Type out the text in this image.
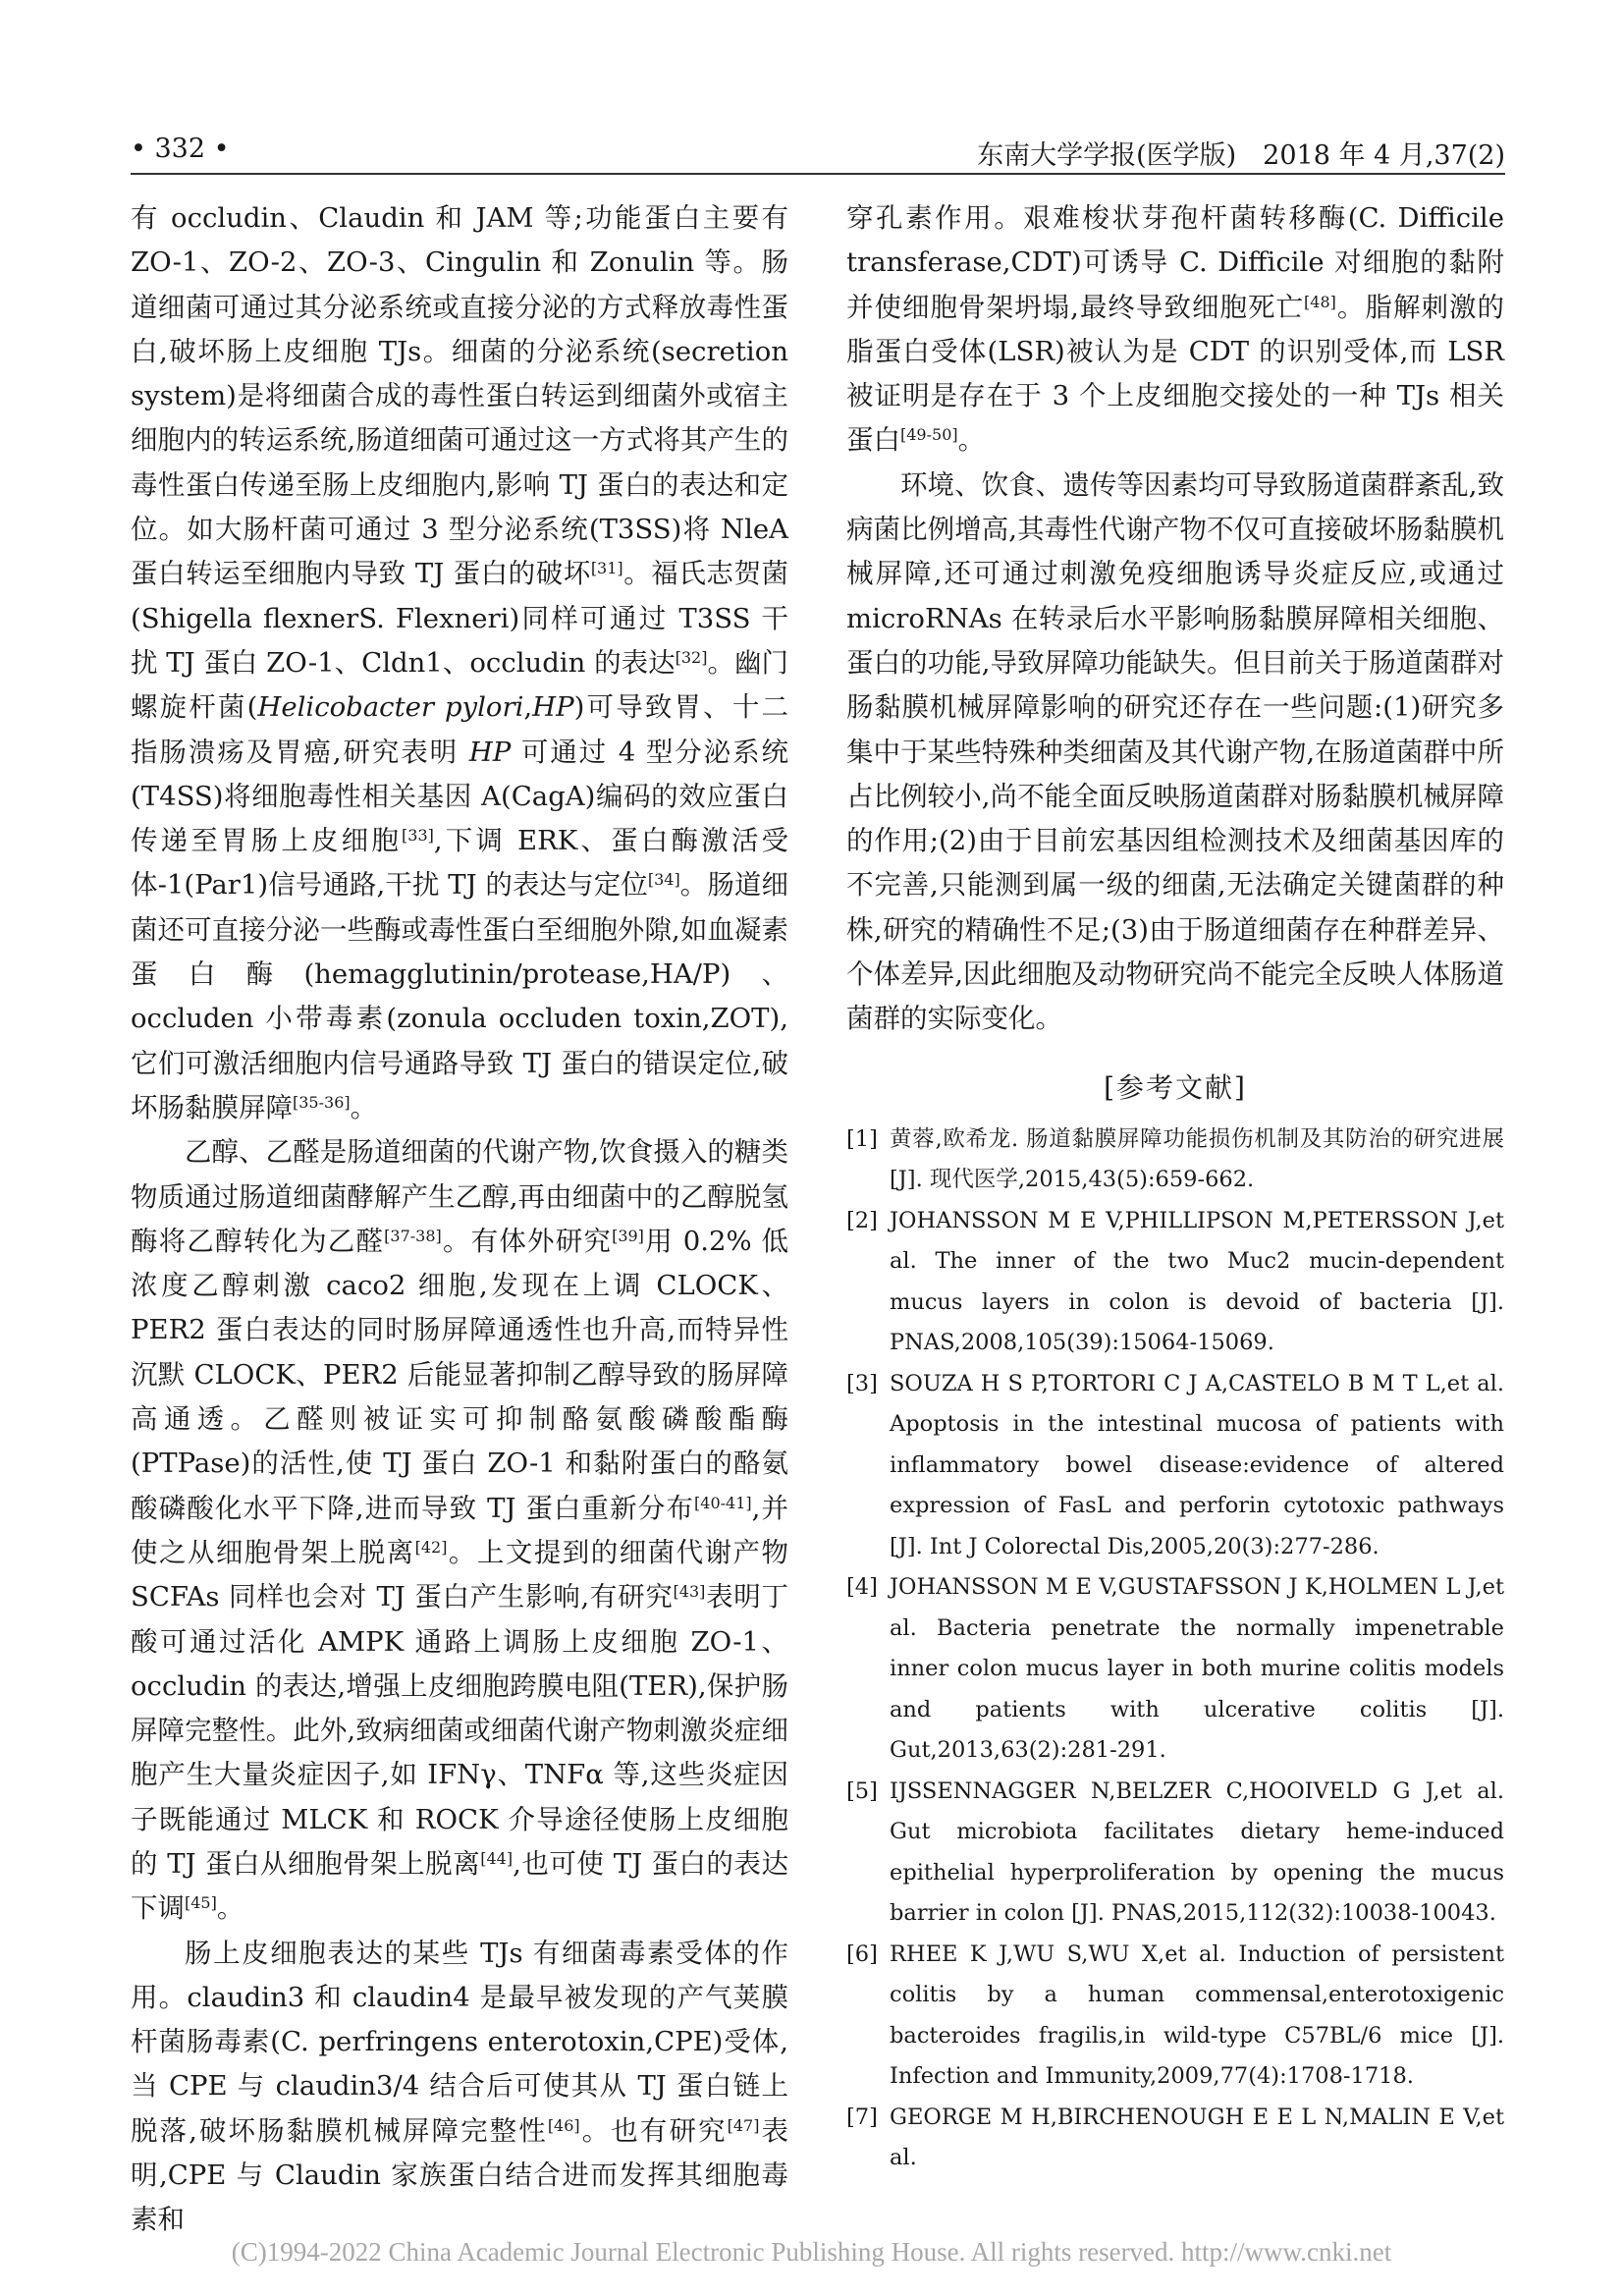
• 332 •	东南大学学报(医学版)　2018 年 4 月,37(2)

有 occludin、Claudin 和 JAM 等;功能蛋白主要有 ZO-1、ZO-2、ZO-3、Cingulin 和 Zonulin 等。肠道细菌可通过其分泌系统或直接分泌的方式释放毒性蛋白,破坏肠上皮细胞 TJs。细菌的分泌系统(secretion system)是将细菌合成的毒性蛋白转运到细菌外或宿主细胞内的转运系统,肠道细菌可通过这一方式将其产生的毒性蛋白传递至肠上皮细胞内,影响 TJ 蛋白的表达和定位。如大肠杆菌可通过 3 型分泌系统(T3SS)将 NleA 蛋白转运至细胞内导致 TJ 蛋白的破坏[31]。福氏志贺菌(Shigella flexnerS. Flexneri)同样可通过 T3SS 干扰 TJ 蛋白 ZO-1、Cldn1、occludin 的表达[32]。幽门螺旋杆菌(Helicobacter pylori,HP)可导致胃、十二指肠溃疡及胃癌,研究表明 HP 可通过 4 型分泌系统(T4SS)将细胞毒性相关基因 A(CagA)编码的效应蛋白传递至胃肠上皮细胞[33],下调 ERK、蛋白酶激活受体-1(Par1)信号通路,干扰 TJ 的表达与定位[34]。肠道细菌还可直接分泌一些酶或毒性蛋白至细胞外隙,如血凝素蛋白酶(hemagglutinin/protease,HA/P)、occluden 小带毒素(zonula occluden toxin,ZOT),它们可激活细胞内信号通路导致 TJ 蛋白的错误定位,破坏肠黏膜屏障[35-36]。

乙醇、乙醛是肠道细菌的代谢产物,饮食摄入的糖类物质通过肠道细菌酵解产生乙醇,再由细菌中的乙醇脱氢酶将乙醇转化为乙醛[37-38]。有体外研究[39]用 0.2% 低浓度乙醇刺激 caco2 细胞,发现在上调 CLOCK、PER2 蛋白表达的同时肠屏障通透性也升高,而特异性沉默 CLOCK、PER2 后能显著抑制乙醇导致的肠屏障高通透。乙醛则被证实可抑制酪氨酸磷酸酯酶(PTPase)的活性,使 TJ 蛋白 ZO-1 和黏附蛋白的酪氨酸磷酸化水平下降,进而导致 TJ 蛋白重新分布[40-41],并使之从细胞骨架上脱离[42]。上文提到的细菌代谢产物 SCFAs 同样也会对 TJ 蛋白产生影响,有研究[43]表明丁酸可通过活化 AMPK 通路上调肠上皮细胞 ZO-1、occludin 的表达,增强上皮细胞跨膜电阻(TER),保护肠屏障完整性。此外,致病细菌或细菌代谢产物刺激炎症细胞产生大量炎症因子,如 IFNγ、TNFα 等,这些炎症因子既能通过 MLCK 和 ROCK 介导途径使肠上皮细胞的 TJ 蛋白从细胞骨架上脱离[44],也可使 TJ 蛋白的表达下调[45]。

肠上皮细胞表达的某些 TJs 有细菌毒素受体的作用。claudin3 和 claudin4 是最早被发现的产气荚膜杆菌肠毒素(C. perfringens enterotoxin,CPE)受体,当 CPE 与 claudin3/4 结合后可使其从 TJ 蛋白链上脱落,破坏肠黏膜机械屏障完整性[46]。也有研究[47]表明,CPE 与 Claudin 家族蛋白结合进而发挥其细胞毒素和

穿孔素作用。艰难梭状芽孢杆菌转移酶(C. Difficile transferase,CDT)可诱导 C. Difficile 对细胞的黏附并使细胞骨架坍塌,最终导致细胞死亡[48]。脂解刺激的脂蛋白受体(LSR)被认为是 CDT 的识别受体,而 LSR 被证明是存在于 3 个上皮细胞交接处的一种 TJs 相关蛋白[49-50]。

环境、饮食、遗传等因素均可导致肠道菌群紊乱,致病菌比例增高,其毒性代谢产物不仅可直接破坏肠黏膜机械屏障,还可通过刺激免疫细胞诱导炎症反应,或通过 microRNAs 在转录后水平影响肠黏膜屏障相关细胞、蛋白的功能,导致屏障功能缺失。但目前关于肠道菌群对肠黏膜机械屏障影响的研究还存在一些问题:(1)研究多集中于某些特殊种类细菌及其代谢产物,在肠道菌群中所占比例较小,尚不能全面反映肠道菌群对肠黏膜机械屏障的作用;(2)由于目前宏基因组检测技术及细菌基因库的不完善,只能测到属一级的细菌,无法确定关键菌群的种株,研究的精确性不足;(3)由于肠道细菌存在种群差异、个体差异,因此细胞及动物研究尚不能完全反映人体肠道菌群的实际变化。

[参考文献]
[1] 黄蓉,欧希龙. 肠道黏膜屏障功能损伤机制及其防治的研究进展[J]. 现代医学,2015,43(5):659-662.
[2] JOHANSSON M E V,PHILLIPSON M,PETERSSON J,et al. The inner of the two Muc2 mucin-dependent mucus layers in colon is devoid of bacteria [J]. PNAS,2008,105(39):15064-15069.
[3] SOUZA H S P,TORTORI C J A,CASTELO B M T L,et al. Apoptosis in the intestinal mucosa of patients with inflammatory bowel disease:evidence of altered expression of FasL and perforin cytotoxic pathways [J]. Int J Colorectal Dis,2005,20(3):277-286.
[4] JOHANSSON M E V,GUSTAFSSON J K,HOLMEN L J,et al. Bacteria penetrate the normally impenetrable inner colon mucus layer in both murine colitis models and patients with ulcerative colitis [J]. Gut,2013,63(2):281-291.
[5] IJSSENNAGGER N,BELZER C,HOOIVELD G J,et al. Gut microbiota facilitates dietary heme-induced epithelial hyperproliferation by opening the mucus barrier in colon [J]. PNAS,2015,112(32):10038-10043.
[6] RHEE K J,WU S,WU X,et al. Induction of persistent colitis by a human commensal,enterotoxigenic bacteroides fragilis,in wild-type C57BL/6 mice [J]. Infection and Immunity,2009,77(4):1708-1718.
[7] GEORGE M H,BIRCHENOUGH E E L N,MALIN E V,et al.
(C)1994-2022 China Academic Journal Electronic Publishing House. All rights reserved. http://www.cnki.net
